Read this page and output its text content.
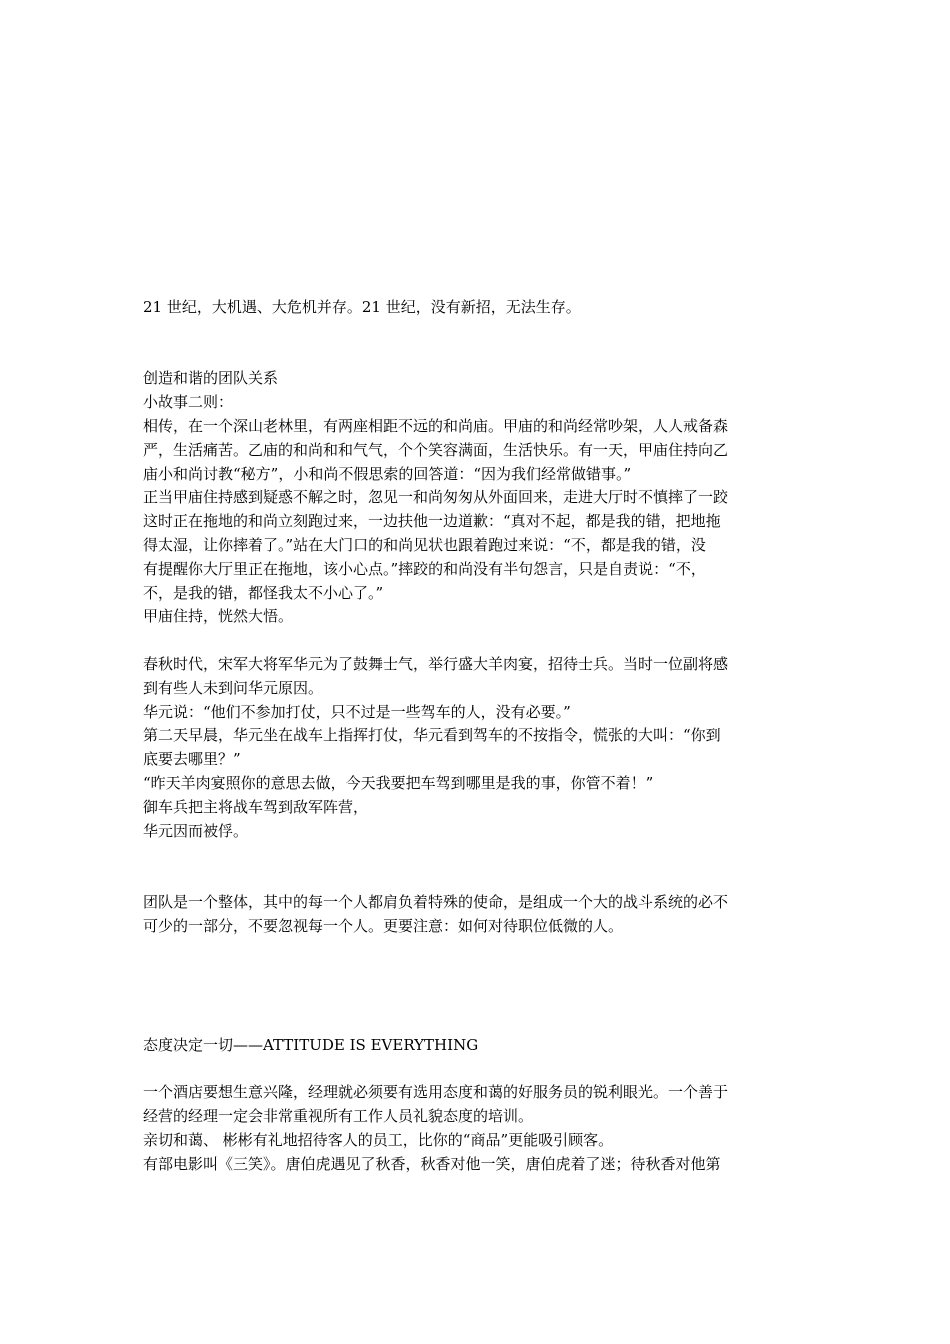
21 世纪，大机遇、大危机并存。21 世纪，没有新招，无法生存。
创造和谐的团队关系
小故事二则：
相传，在一个深山老林里，有两座相距不远的和尚庙。甲庙的和尚经常吵架，人人戒备森
严，生活痛苦。乙庙的和尚和和气气，个个笑容满面，生活快乐。有一天，甲庙住持向乙
庙小和尚讨教“秘方”，小和尚不假思索的回答道：“因为我们经常做错事。”
正当甲庙住持感到疑惑不解之时，忽见一和尚匆匆从外面回来，走进大厅时不慎摔了一跤
这时正在拖地的和尚立刻跑过来，一边扶他一边道歉：“真对不起，都是我的错，把地拖
得太湿，让你摔着了。”站在大门口的和尚见状也跟着跑过来说：“不，都是我的错，没
有提醒你大厅里正在拖地，该小心点。”摔跤的和尚没有半句怨言，只是自责说：“不，
不，是我的错，都怪我太不小心了。”
甲庙住持，恍然大悟。
春秋时代，宋军大将军华元为了鼓舞士气，举行盛大羊肉宴，招待士兵。当时一位副将感
到有些人未到问华元原因。
华元说：“他们不参加打仗，只不过是一些驾车的人，没有必要。”
第二天早晨，华元坐在战车上指挥打仗，华元看到驾车的不按指令，慌张的大叫：“你到
底要去哪里？”
“昨天羊肉宴照你的意思去做，今天我要把车驾到哪里是我的事，你管不着！”
御车兵把主将战车驾到敌军阵营，
华元因而被俘。
团队是一个整体，其中的每一个人都肩负着特殊的使命，是组成一个大的战斗系统的必不
可少的一部分，不要忽视每一个人。更要注意：如何对待职位低微的人。
态度决定一切——ATTITUDE IS EVERYTHING
一个酒店要想生意兴隆，经理就必须要有选用态度和蔼的好服务员的锐利眼光。一个善于
经营的经理一定会非常重视所有工作人员礼貌态度的培训。
亲切和蔼、 彬彬有礼地招待客人的员工，比你的“商品”更能吸引顾客。
有部电影叫《三笑》。唐伯虎遇见了秋香，秋香对他一笑，唐伯虎着了迷；待秋香对他第
